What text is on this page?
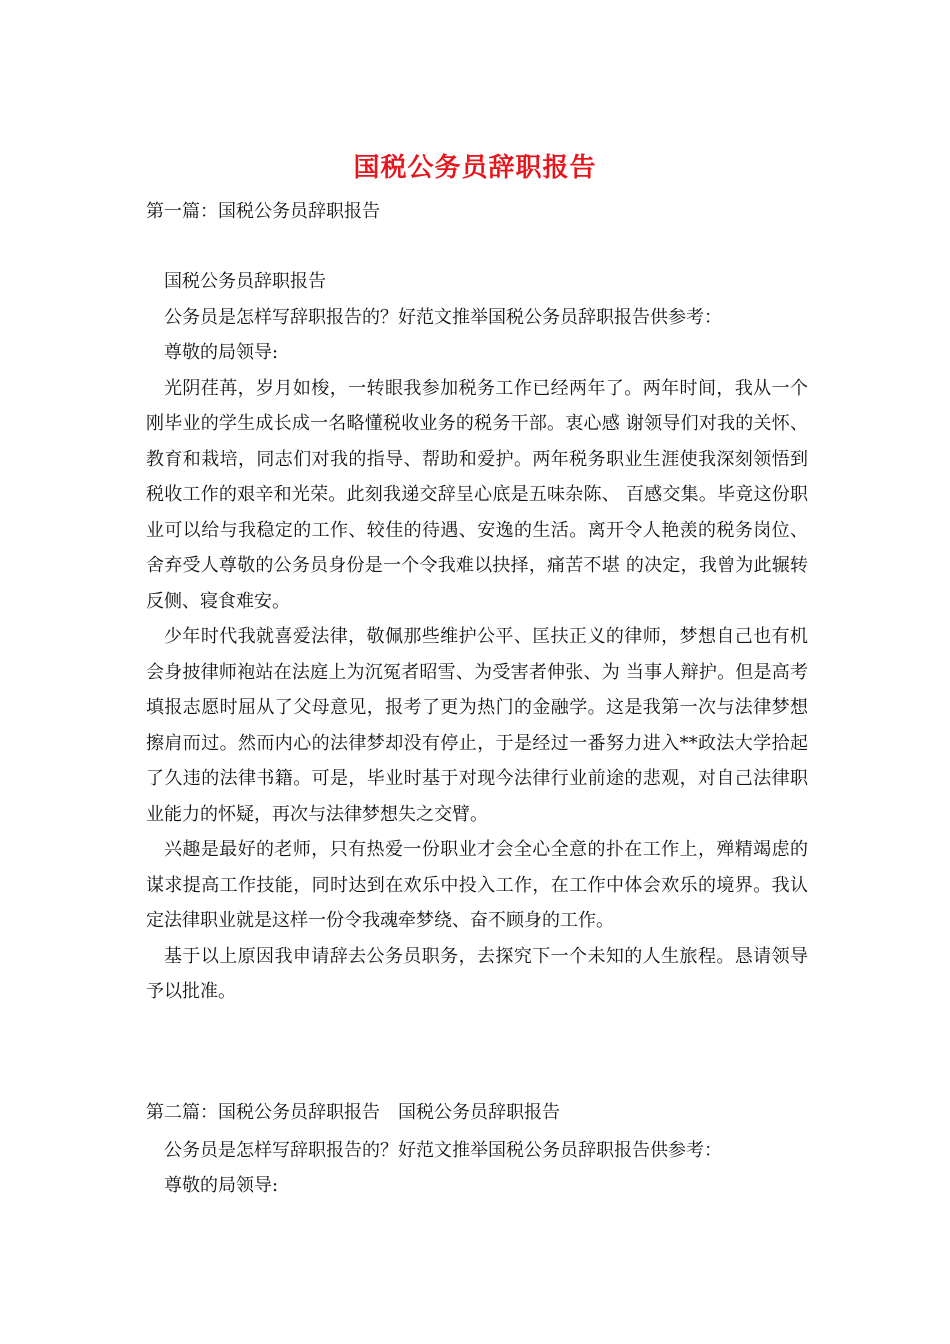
国税公务员辞职报告
第一篇：国税公务员辞职报告

国税公务员辞职报告

公务员是怎样写辞职报告的？好范文推举国税公务员辞职报告供参考：

尊敬的局领导:

光阴荏苒，岁月如梭，一转眼我参加税务工作已经两年了。两年时间，我从一个刚毕业的学生成长成一名略懂税收业务的税务干部。衷心感 谢领导们对我的关怀、教育和栽培，同志们对我的指导、帮助和爱护。两年税务职业生涯使我深刻领悟到税收工作的艰辛和光荣。此刻我递交辞呈心底是五味杂陈、 百感交集。毕竟这份职业可以给与我稳定的工作、较佳的待遇、安逸的生活。离开令人艳羡的税务岗位、舍弃受人尊敬的公务员身份是一个令我难以抉择，痛苦不堪 的决定，我曾为此辗转反侧、寝食难安。

少年时代我就喜爱法律，敬佩那些维护公平、匡扶正义的律师，梦想自己也有机会身披律师袍站在法庭上为沉冤者昭雪、为受害者伸张、为 当事人辩护。但是高考填报志愿时屈从了父母意见，报考了更为热门的金融学。这是我第一次与法律梦想擦肩而过。然而内心的法律梦却没有停止，于是经过一番努力进入**政法大学拾起了久违的法律书籍。可是，毕业时基于对现今法律行业前途的悲观，对自己法律职业能力的怀疑，再次与法律梦想失之交臂。

兴趣是最好的老师，只有热爱一份职业才会全心全意的扑在工作上，殚精竭虑的谋求提高工作技能，同时达到在欢乐中投入工作，在工作中体会欢乐的境界。我认定法律职业就是这样一份令我魂牵梦绕、奋不顾身的工作。

基于以上原因我申请辞去公务员职务，去探究下一个未知的人生旅程。恳请领导予以批准。

第二篇：国税公务员辞职报告　国税公务员辞职报告

公务员是怎样写辞职报告的？好范文推举国税公务员辞职报告供参考：

尊敬的局领导:
